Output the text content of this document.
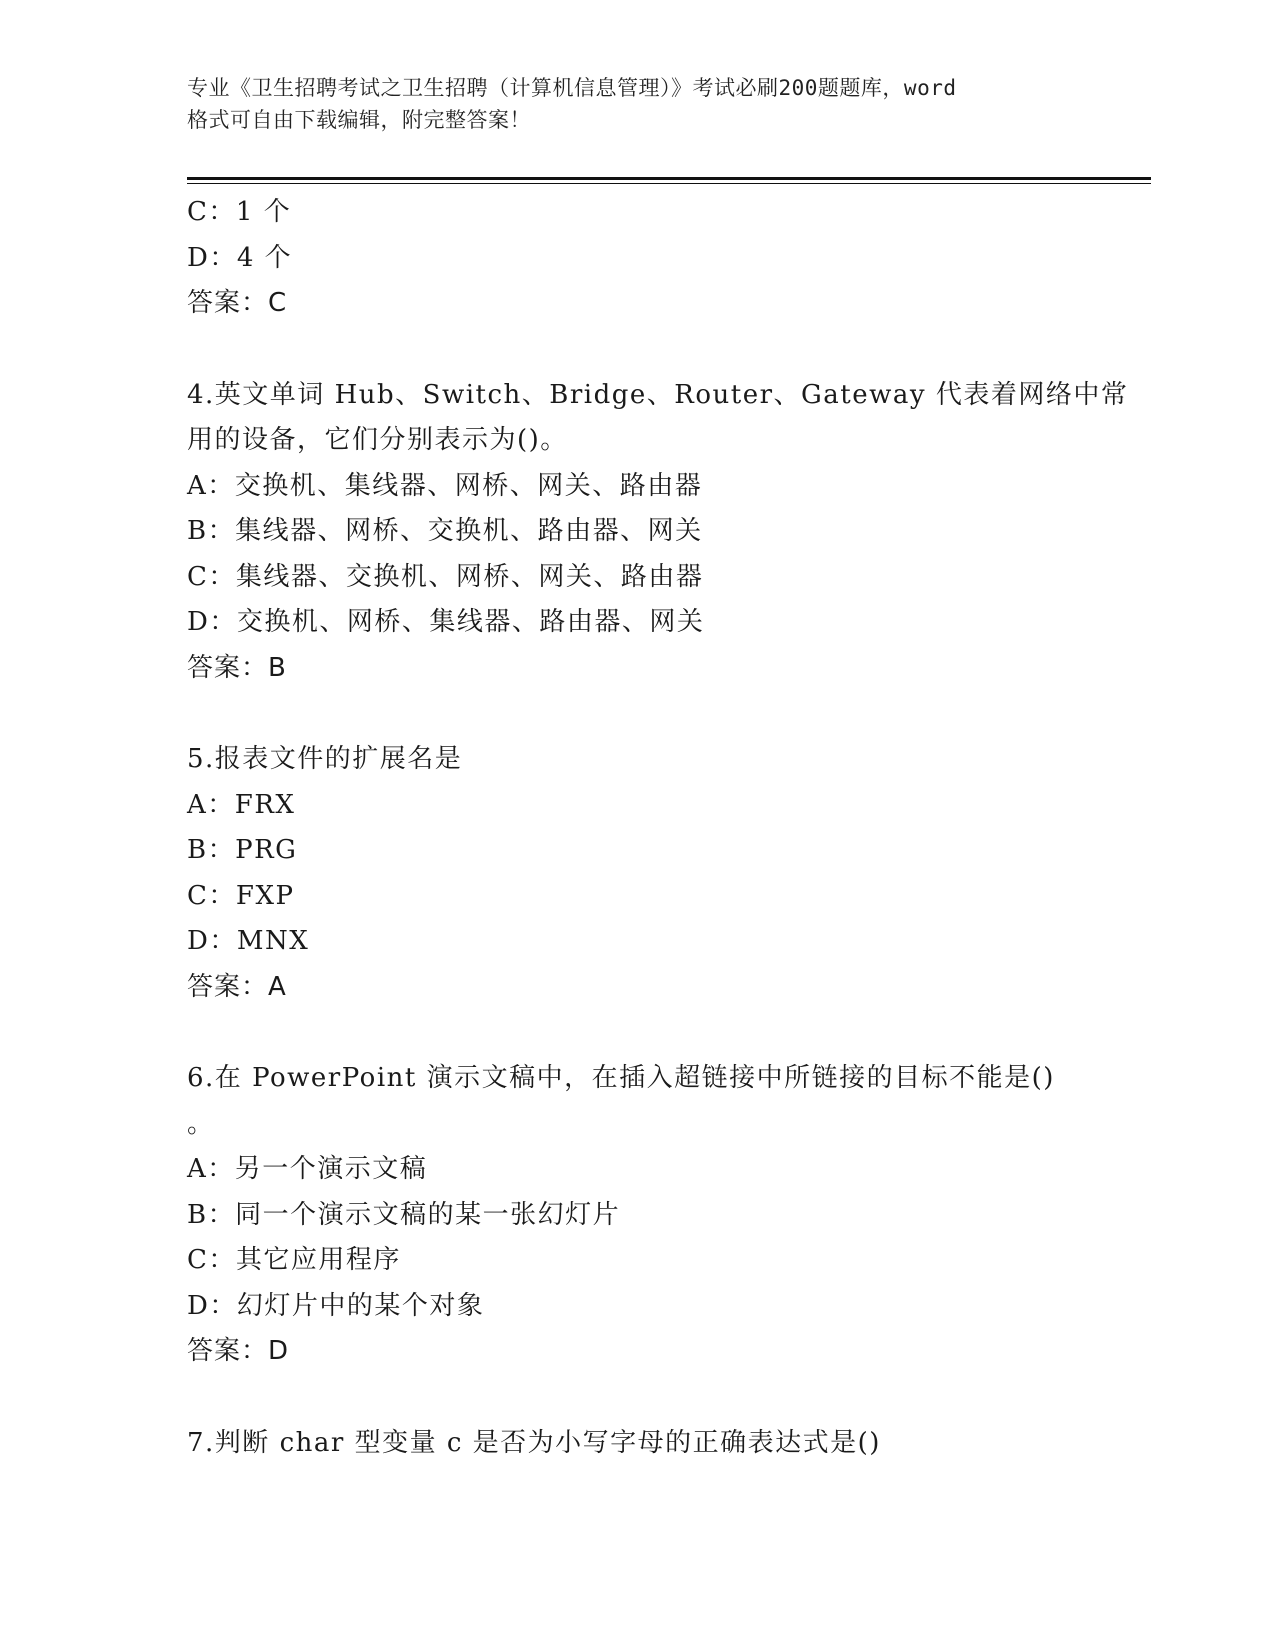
专业《卫生招聘考试之卫生招聘（计算机信息管理）》考试必刷200题题库，word
格式可自由下载编辑，附完整答案！
C：1 个
D：4 个
答案：C
4.英文单词 Hub、Switch、Bridge、Router、Gateway 代表着网络中常
用的设备，它们分别表示为()。
A：交换机、集线器、网桥、网关、路由器
B：集线器、网桥、交换机、路由器、网关
C：集线器、交换机、网桥、网关、路由器
D：交换机、网桥、集线器、路由器、网关
答案：B
5.报表文件的扩展名是
A：FRX
B：PRG
C：FXP
D：MNX
答案：A
6.在 PowerPoint 演示文稿中，在插入超链接中所链接的目标不能是()
。
A：另一个演示文稿
B：同一个演示文稿的某一张幻灯片
C：其它应用程序
D：幻灯片中的某个对象
答案：D
7.判断 char 型变量 c 是否为小写字母的正确表达式是()
